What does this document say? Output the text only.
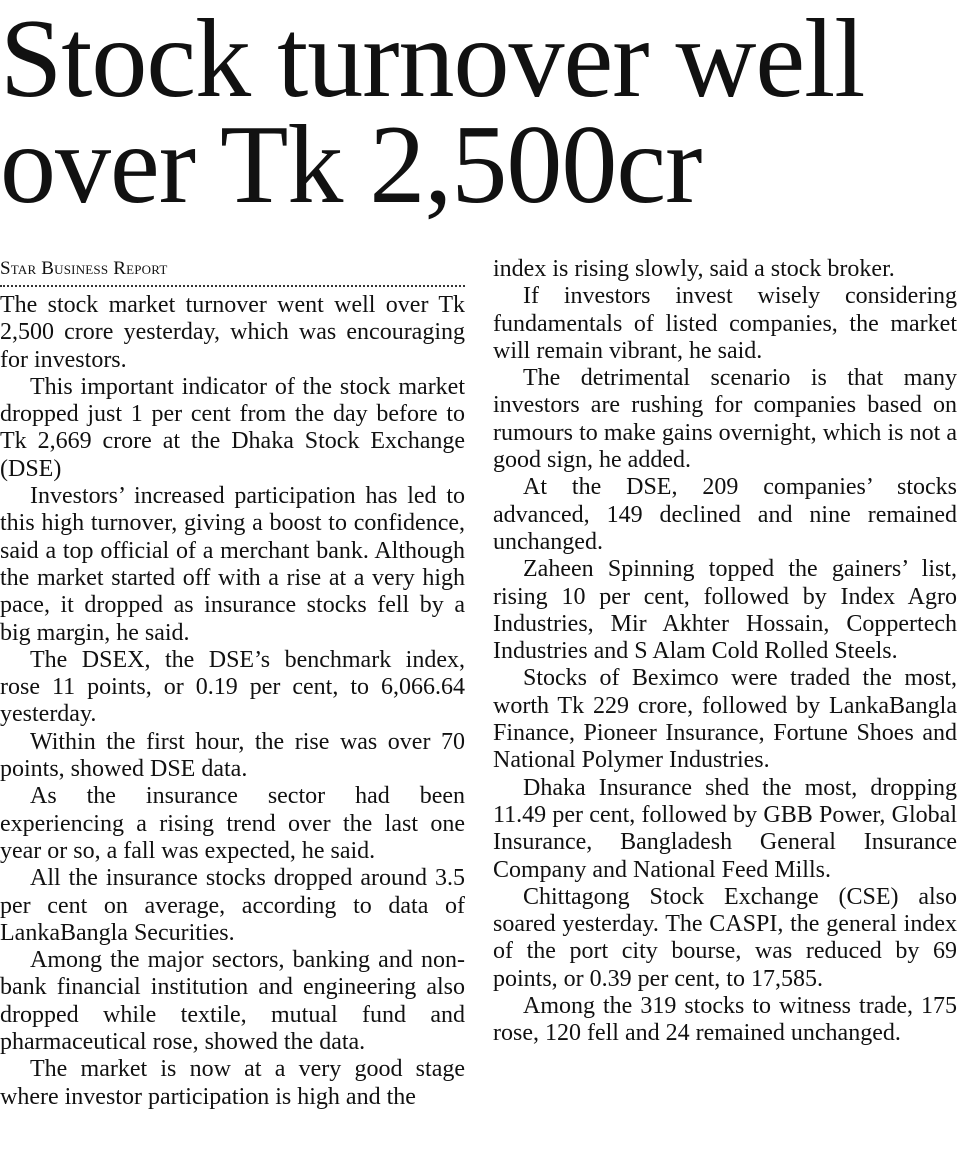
Stock turnover well
over Tk 2,500cr
Star Business Report

The stock market turnover went well over Tk 2,500 crore yesterday, which was encouraging for investors.

This important indicator of the stock market dropped just 1 per cent from the day before to Tk 2,669 crore at the Dhaka Stock Exchange (DSE)

Investors’ increased participation has led to this high turnover, giving a boost to confidence, said a top official of a merchant bank. Although the market started off with a rise at a very high pace, it dropped as insurance stocks fell by a big margin, he said.

The DSEX, the DSE’s benchmark index, rose 11 points, or 0.19 per cent, to 6,066.64 yesterday.

Within the first hour, the rise was over 70 points, showed DSE data.

As the insurance sector had been experiencing a rising trend over the last one year or so, a fall was expected, he said.

All the insurance stocks dropped around 3.5 per cent on average, according to data of LankaBangla Securities.

Among the major sectors, banking and non-bank financial institution and engineering also dropped while textile, mutual fund and pharmaceutical rose, showed the data.

The market is now at a very good stage where investor participation is high and the

index is rising slowly, said a stock broker.

If investors invest wisely considering fundamentals of listed companies, the market will remain vibrant, he said.

The detrimental scenario is that many investors are rushing for companies based on rumours to make gains overnight, which is not a good sign, he added.

At the DSE, 209 companies’ stocks advanced, 149 declined and nine remained unchanged.

Zaheen Spinning topped the gainers’ list, rising 10 per cent, followed by Index Agro Industries, Mir Akhter Hossain, Coppertech Industries and S Alam Cold Rolled Steels.

Stocks of Beximco were traded the most, worth Tk 229 crore, followed by LankaBangla Finance, Pioneer Insurance, Fortune Shoes and National Polymer Industries.

Dhaka Insurance shed the most, dropping 11.49 per cent, followed by GBB Power, Global Insurance, Bangladesh General Insurance Company and National Feed Mills.

Chittagong Stock Exchange (CSE) also soared yesterday. The CASPI, the general index of the port city bourse, was reduced by 69 points, or 0.39 per cent, to 17,585.

Among the 319 stocks to witness trade, 175 rose, 120 fell and 24 remained unchanged.
